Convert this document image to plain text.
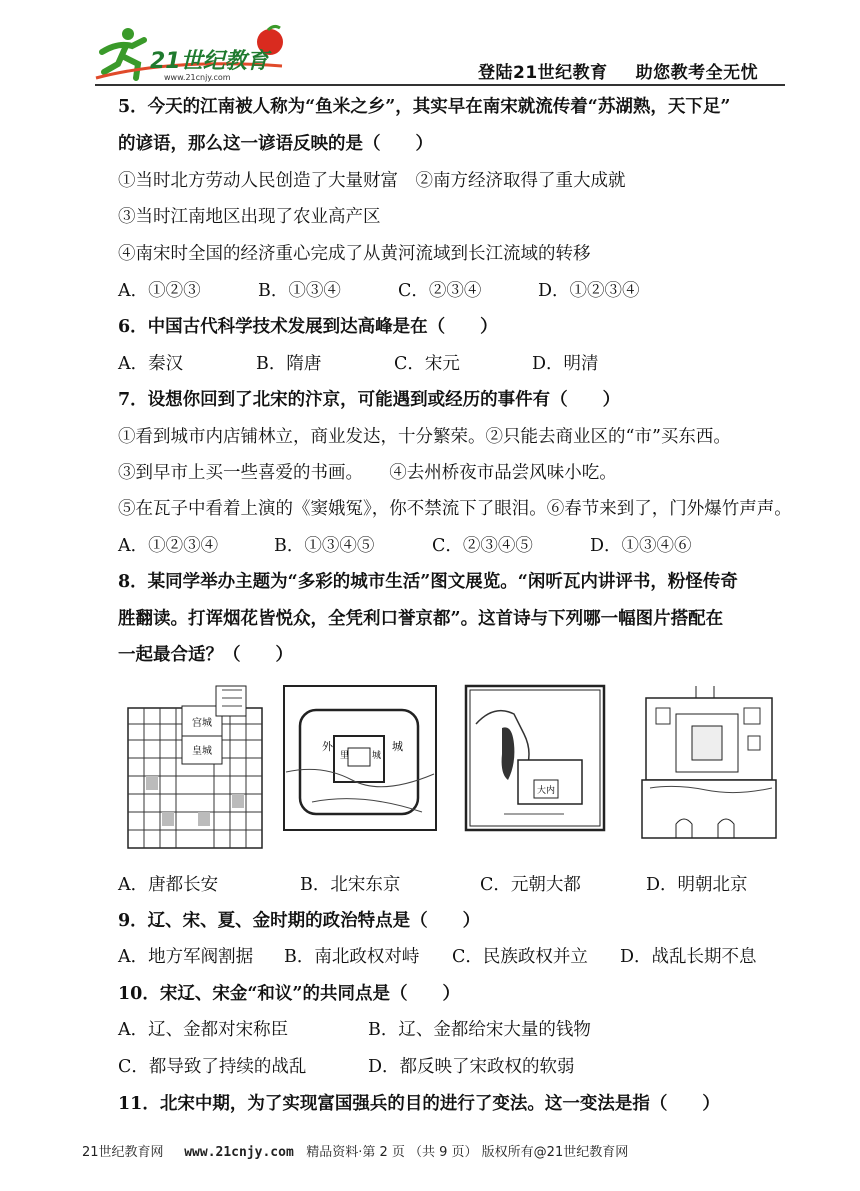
21世纪教育
www.21cnjy.com	登陆21世纪教育 助您教考全无忧
5．今天的江南被人称为“鱼米之乡”，其实早在南宋就流传着“苏湖熟，天下足”
的谚语，那么这一谚语反映的是（　　）
①当时北方劳动人民创造了大量财富　②南方经济取得了重大成就
③当时江南地区出现了农业高产区
④南宋时全国的经济重心完成了从黄河流域到长江流域的转移
A．①②③	B．①③④	C．②③④	D．①②③④
6．中国古代科学技术发展到达高峰是在（　　）
A．秦汉	B．隋唐	C．宋元	D．明清
7．设想你回到了北宋的汴京，可能遇到或经历的事件有（　　）
①看到城市内店铺林立，商业发达，十分繁荣。②只能去商业区的“市”买东西。
③到早市上买一些喜爱的书画。　　④去州桥夜市品尝风味小吃。
⑤在瓦子中看着上演的《窦娥冤》，你不禁流下了眼泪。⑥春节来到了，门外爆竹声声。
A．①②③④	B．①③④⑤	C．②③④⑤	D．①③④⑥
8．某同学举办主题为“多彩的城市生活”图文展览。“闲听瓦内讲评书，粉怪传奇
胜翻读。打诨烟花皆悦众，全凭利口誉京都”。这首诗与下列哪一幅图片搭配在
一起最合适？（　　）
宫城
皇城	外
里	城
城
大内
A．唐都长安	B．北宋东京	C．元朝大都	D．明朝北京
9．辽、宋、夏、金时期的政治特点是（　　）
A．地方军阀割据 B．南北政权对峙 C．民族政权并立 D．战乱长期不息
10．宋辽、宋金“和议”的共同点是（　　）
A．辽、金都对宋称臣	B．辽、金都给宋大量的钱物
C．都导致了持续的战乱	D．都反映了宋政权的软弱
11．北宋中期，为了实现富国强兵的目的进行了变法。这一变法是指（　　）
21世纪教育网 www.21cnjy.com 精品资料·第 2 页 （共 9 页） 版权所有@21世纪教育网
